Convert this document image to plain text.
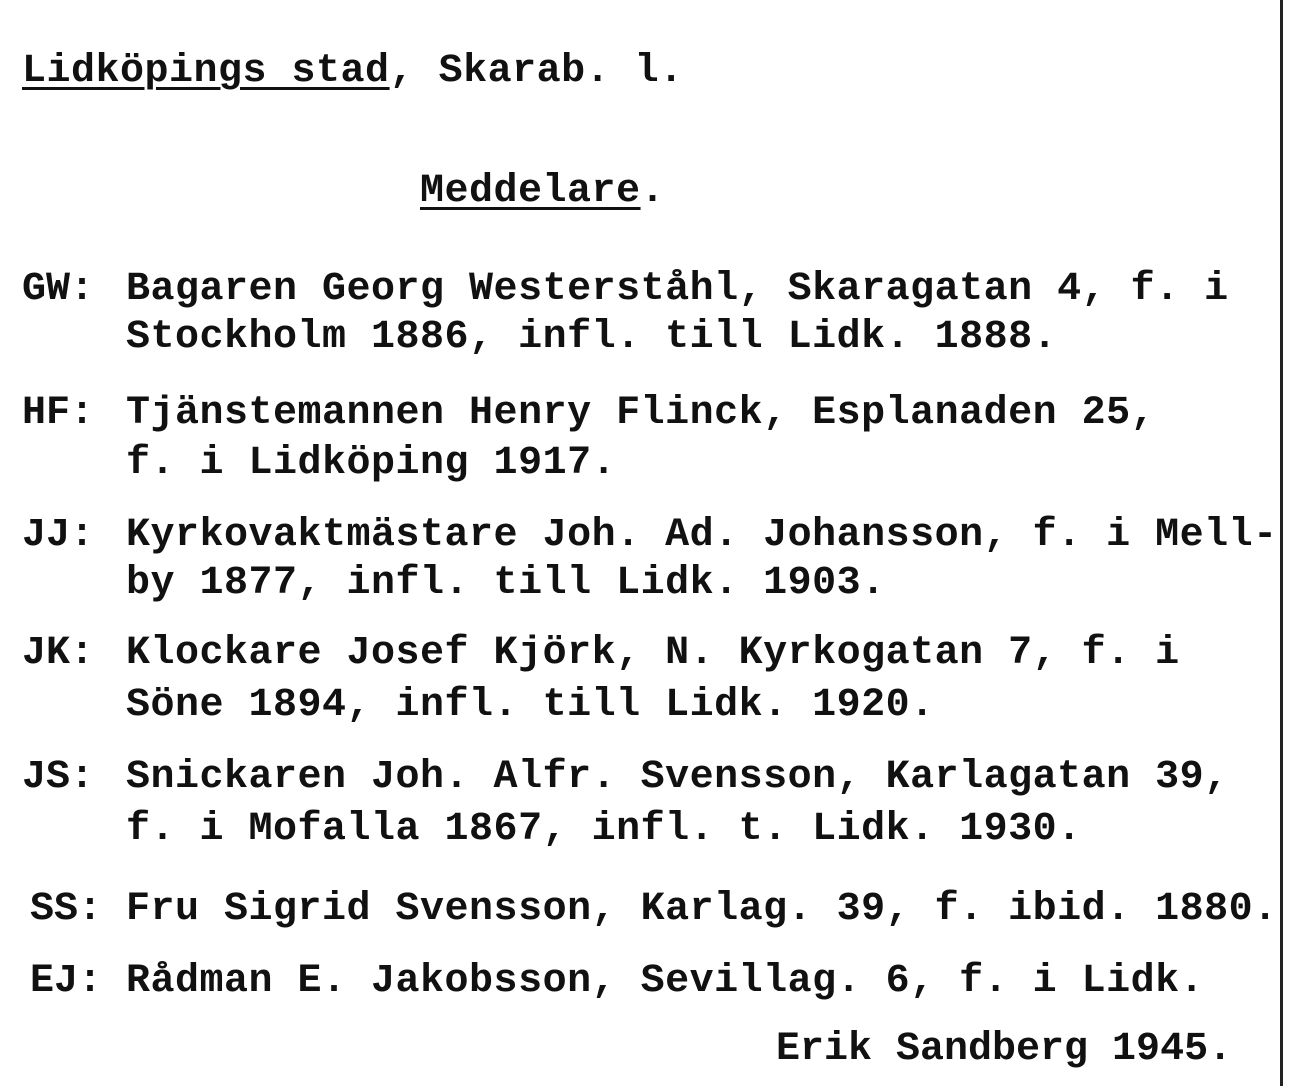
Lidköpings stad, Skarab. l.
Meddelare.
GW: Bagaren Georg Westerståhl, Skaragatan 4, f. i
Stockholm 1886, infl. till Lidk. 1888.
HF: Tjänstemannen Henry Flinck, Esplanaden 25,
f. i Lidköping 1917.
JJ: Kyrkovaktmästare Joh. Ad. Johansson, f. i Mell-
by 1877, infl. till Lidk. 1903.
JK: Klockare Josef Kjörk, N. Kyrkogatan 7, f. i
Söne 1894, infl. till Lidk. 1920.
JS: Snickaren Joh. Alfr. Svensson, Karlagatan 39,
f. i Mofalla 1867, infl. t. Lidk. 1930.
SS: Fru Sigrid Svensson, Karlag. 39, f. ibid. 1880.
EJ: Rådman E. Jakobsson, Sevillag. 6, f. i Lidk.
Erik Sandberg 1945.
